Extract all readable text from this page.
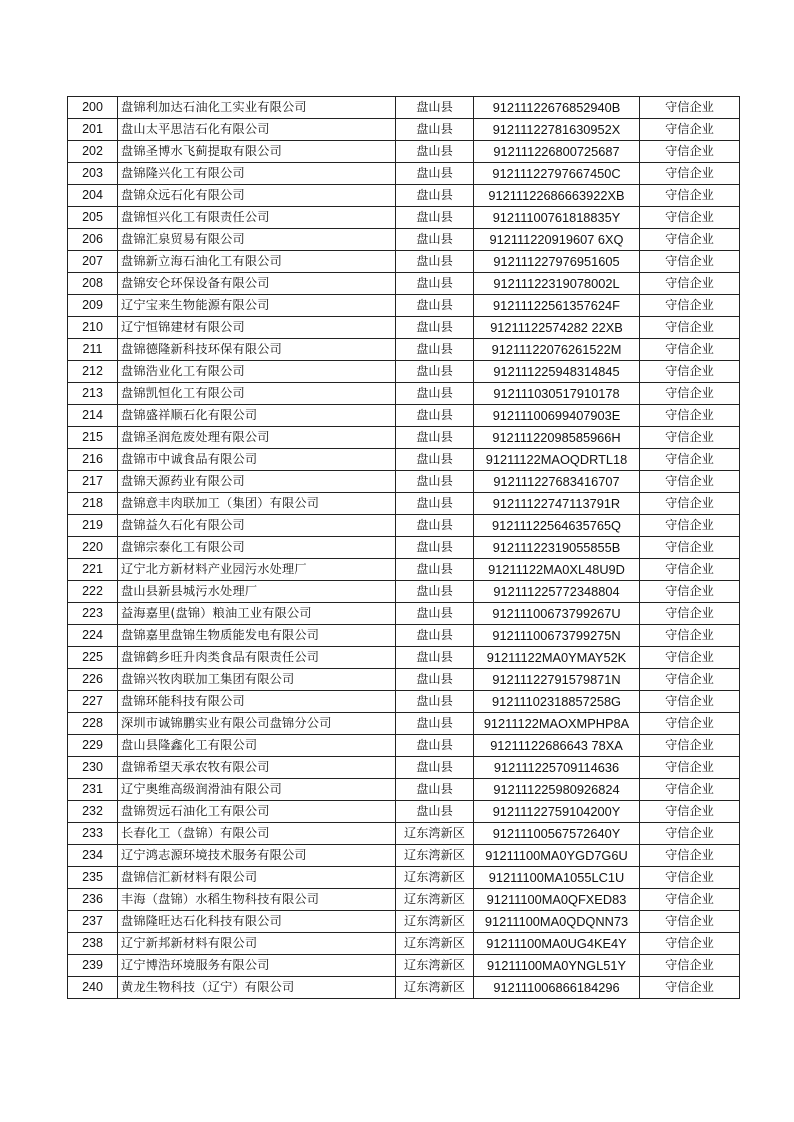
200	盘锦利加达石油化工实业有限公司	盘山县	91211122676852940B	守信企业
201	盘山太平思洁石化有限公司	盘山县	91211122781630952X	守信企业
202	盘锦圣博水飞蓟提取有限公司	盘山县	912111226800725687	守信企业
203	盘锦隆兴化工有限公司	盘山县	91211122797667450C	守信企业
204	盘锦众远石化有限公司	盘山县	91211122686663922XB	守信企业
205	盘锦恒兴化工有限责任公司	盘山县	91211100761818835Y	守信企业
206	盘锦汇泉贸易有限公司	盘山县	912111220919607 6XQ	守信企业
207	盘锦新立海石油化工有限公司	盘山县	912111227976951605	守信企业
208	盘锦安仑环保设备有限公司	盘山县	91211122319078002L	守信企业
209	辽宁宝来生物能源有限公司	盘山县	91211122561357624F	守信企业
210	辽宁恒锦建材有限公司	盘山县	91211122574282 22XB	守信企业
211	盘锦德隆新科技环保有限公司	盘山县	91211122076261522M	守信企业
212	盘锦浩业化工有限公司	盘山县	912111225948314845	守信企业
213	盘锦凯恒化工有限公司	盘山县	912111030517910178	守信企业
214	盘锦盛祥顺石化有限公司	盘山县	91211100699407903E	守信企业
215	盘锦圣润危废处理有限公司	盘山县	91211122098585966H	守信企业
216	盘锦市中诚食品有限公司	盘山县	91211122MAOQDRTL18	守信企业
217	盘锦天源药业有限公司	盘山县	912111227683416707	守信企业
218	盘锦意丰肉联加工（集团）有限公司	盘山县	91211122747113791R	守信企业
219	盘锦益久石化有限公司	盘山县	91211122564635765Q	守信企业
220	盘锦宗泰化工有限公司	盘山县	91211122319055855B	守信企业
221	辽宁北方新材料产业园污水处理厂	盘山县	91211122MA0XL48U9D	守信企业
222	盘山县新县城污水处理厂	盘山县	912111225772348804	守信企业
223	益海嘉里(盘锦）粮油工业有限公司	盘山县	91211100673799267U	守信企业
224	盘锦嘉里盘锦生物质能发电有限公司	盘山县	91211100673799275N	守信企业
225	盘锦鹤乡旺升肉类食品有限责任公司	盘山县	91211122MA0YMAY52K	守信企业
226	盘锦兴牧肉联加工集团有限公司	盘山县	91211122791579871N	守信企业
227	盘锦环能科技有限公司	盘山县	91211102318857258G	守信企业
228	深圳市诚锦鹏实业有限公司盘锦分公司	盘山县	91211122MAOXMPHP8A	守信企业
229	盘山县隆鑫化工有限公司	盘山县	91211122686643 78XA	守信企业
230	盘锦希望天承农牧有限公司	盘山县	912111225709114636	守信企业
231	辽宁奥维高级润滑油有限公司	盘山县	912111225980926824	守信企业
232	盘锦贺远石油化工有限公司	盘山县	91211122759104200Y	守信企业
233	长春化工（盘锦）有限公司	辽东湾新区	91211100567572640Y	守信企业
234	辽宁鸿志源环境技术服务有限公司	辽东湾新区	91211100MA0YGD7G6U	守信企业
235	盘锦信汇新材料有限公司	辽东湾新区	91211100MA1055LC1U	守信企业
236	丰海（盘锦）水稻生物科技有限公司	辽东湾新区	91211100MA0QFXED83	守信企业
237	盘锦隆旺达石化科技有限公司	辽东湾新区	91211100MA0QDQNN73	守信企业
238	辽宁新邦新材料有限公司	辽东湾新区	91211100MA0UG4KE4Y	守信企业
239	辽宁博浩环境服务有限公司	辽东湾新区	91211100MA0YNGL51Y	守信企业
240	黄龙生物科技（辽宁）有限公司	辽东湾新区	912111006866184296	守信企业
